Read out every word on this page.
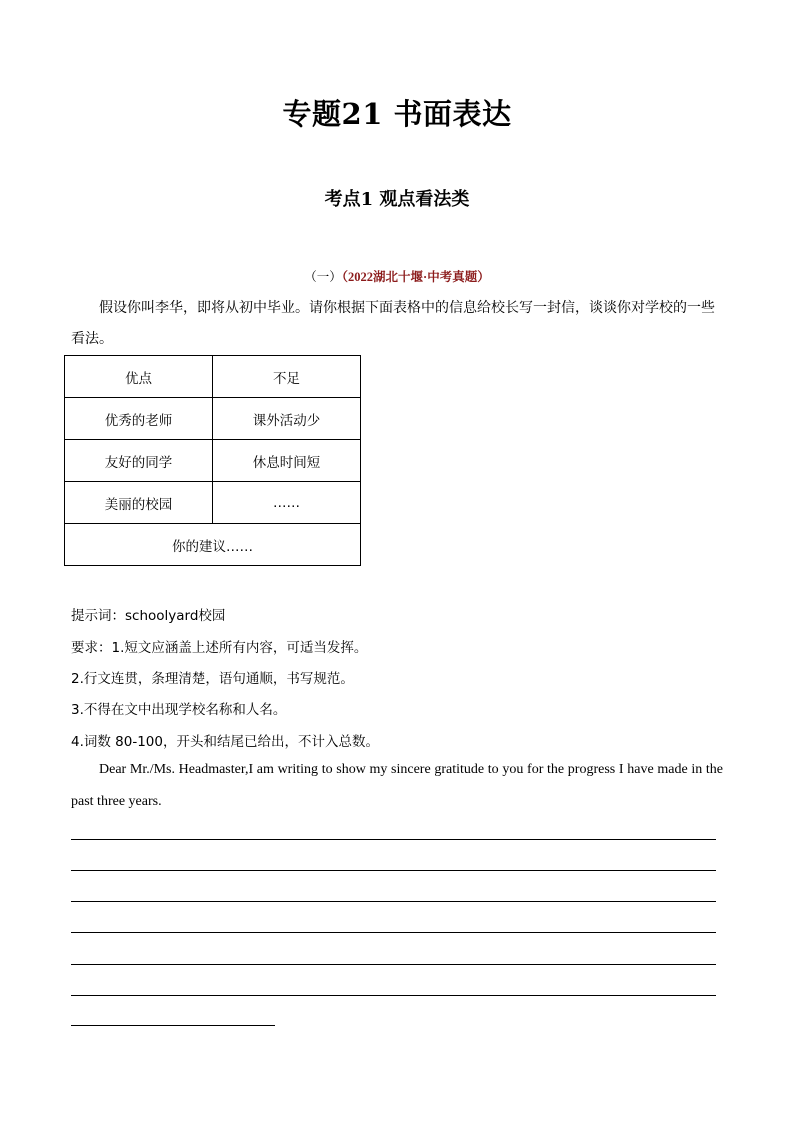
专题21 书面表达
考点1 观点看法类
（一）（2022湖北十堰·中考真题）
假设你叫李华，即将从初中毕业。请你根据下面表格中的信息给校长写一封信，谈谈你对学校的一些看法。
优点	不足
优秀的老师	课外活动少
友好的同学	休息时间短
美丽的校园	……
你的建议……	
提示词：schoolyard校园
要求：1.短文应涵盖上述所有内容，可适当发挥。
2.行文连贯，条理清楚，语句通顺，书写规范。
3.不得在文中出现学校名称和人名。
4.词数 80-100，开头和结尾已给出，不计入总数。
Dear Mr./Ms. Headmaster,I am writing to show my sincere gratitude to you for the progress I have made in the past three years.
